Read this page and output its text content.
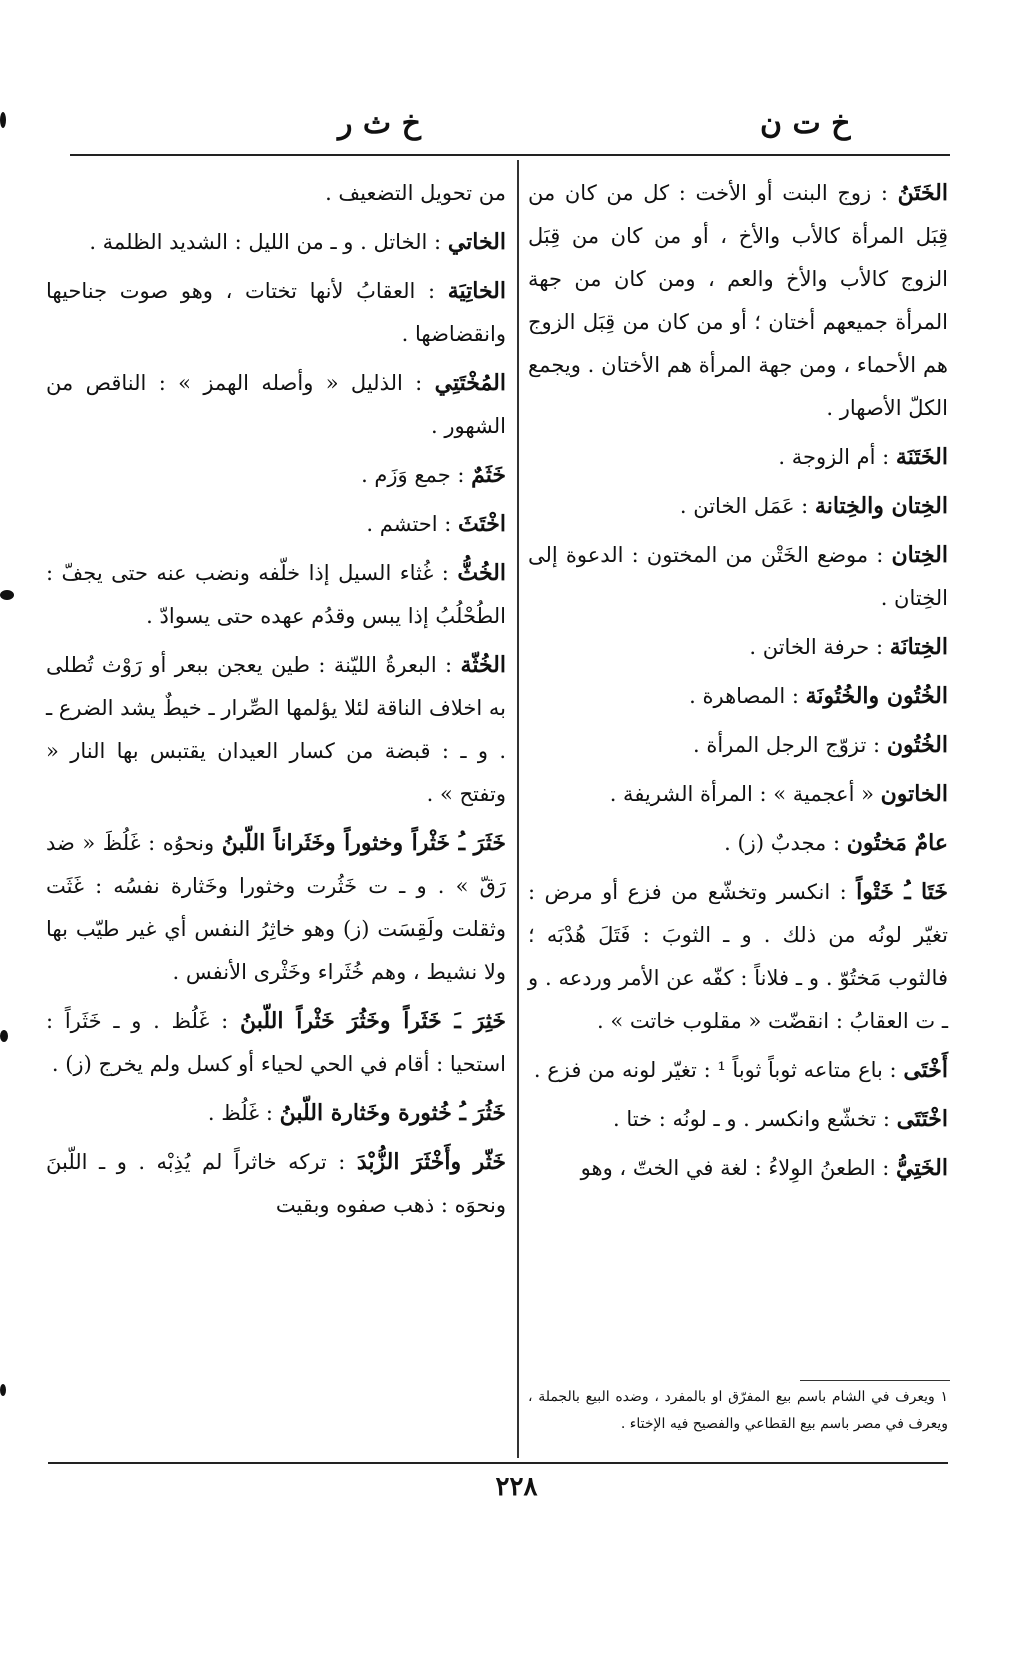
خ ت ن
خ ث ر
الخَتَنُ : زوج البنت أو الأخت : كل من كان من قِبَل المرأة كالأب والأخ ، أو من كان من قِبَل الزوج كالأب والأخ والعم ، ومن كان من جهة المرأة جميعهم أختان ؛ أو من كان من قِبَل الزوج هم الأحماء ، ومن جهة المرأة هم الأختان . ويجمع الكلّ الأصهار .
الخَتَنَة : أم الزوجة .
الخِتان والخِتانة : عَمَل الخاتن .
الخِتان : موضع الخَتْن من المختون : الدعوة إلى الخِتان .
الخِتانَة : حرفة الخاتن .
الخُتُون والخُتُونَة : المصاهرة .
الخُتُون : تزوّج الرجل المرأة .
الخاتون « أعجمية » : المرأة الشريفة .
عامٌ مَختُون : مجدبٌ (ز) .
خَتَا ـُ خَتْواً : انكسر وتخشّع من فزع أو مرض : تغيّر لونُه من ذلك . و ـ الثوبَ : فَتَلَ هُدْبَه ؛ فالثوب مَختُوّ . و ـ فلاناً : كفّه عن الأمر وردعه . و ـ ت العقابُ : انقضّت « مقلوب خاتت » .
أَخْتَى : باع متاعه ثوباً ثوباً ¹ : تغيّر لونه من فزع .
اخْتَتَى : تخشّع وانكسر . و ـ لونُه : ختا .
الخَتِيُّ : الطعنُ الوِلاءُ : لغة في الختّ ، وهو
من تحويل التضعيف .
الخاتي : الخاتل . و ـ من الليل : الشديد الظلمة .
الخاتِيَة : العقابُ لأنها تختات ، وهو صوت جناحيها وانقضاضها .
المُخْتَتِي : الذليل « وأصله الهمز » : الناقص من الشهور .
خَثَمٌ : جمع وَزَم .
اخْتَثَ : احتشم .
الخُثُّ : غُثاء السيل إذا خلّفه ونضب عنه حتى يجفّ : الطُحْلُبُ إذا يبس وقدُم عهده حتى يسوادّ .
الخُثّة : البعرةُ الليّنة : طين يعجن ببعر أو رَوْث تُطلى به اخلاف الناقة لئلا يؤلمها الصِّرار ـ خيطٌ يشد الضرع ـ . و ـ : قبضة من كسار العيدان يقتبس بها النار « وتفتح » .
خَثَرَ ـُ خَثْراً وخثوراً وخَثَراناً اللّبنُ ونحوُه : غَلُظَ « ضد رَقّ » . و ـ ت خَثُرت وخثورا وخَثارة نفسُه : غَثَت وثقلت ولَقِسَت (ز) وهو خاثِرُ النفس أي غير طيّب بها ولا نشيط ، وهم خُثَراء وخَثْرى الأنفس .
خَثِرَ ـَ خَثَراً وخَثُرَ خَثْراً اللّبنُ : غَلُظ . و ـ خَثَراً : استحيا : أقام في الحي لحياء أو كسل ولم يخرج (ز) .
خَثُرَ ـُ خُثورة وخَثارة اللّبنُ : غَلُظ .
خَثّر وأَخْثَرَ الزُّبْدَ : تركه خاثراً لم يُذِبْه . و ـ اللّبنَ ونحوَه : ذهب صفوه وبقيت
١ ويعرف في الشام باسم بيع المفرّق او بالمفرد ، وضده البيع بالجملة ، ويعرف في مصر باسم بيع القطاعي والفصيح فيه الإختاء .
٢٢٨
